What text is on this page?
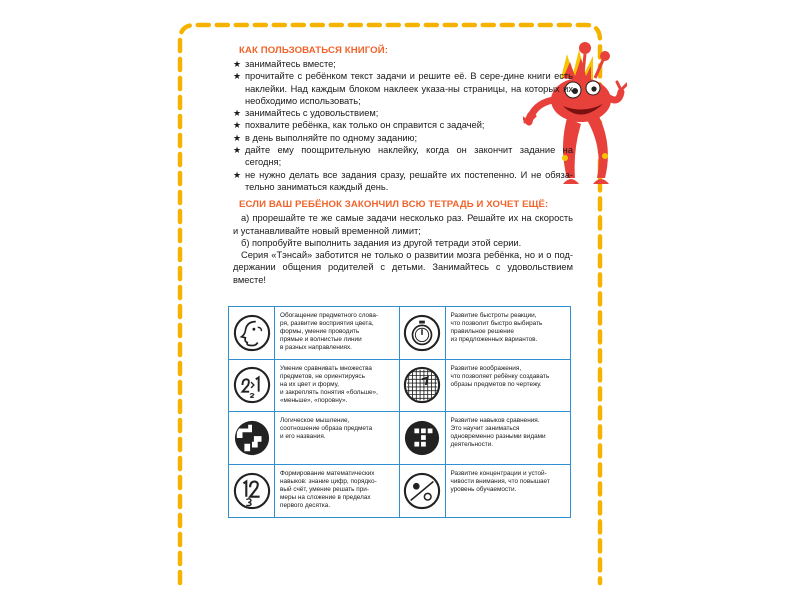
КАК ПОЛЬЗОВАТЬСЯ КНИГОЙ:
★ занимайтесь вместе;
★ прочитайте с ребёнком текст задачи и решите её. В сере-дине книги есть наклейки. Над каждым блоком наклеек указа-ны страницы, на которых их необходимо использовать;
★ занимайтесь с удовольствием;
★ похвалите ребёнка, как только он справится с задачей;
★ в день выполняйте по одному заданию;
★ дайте ему поощрительную наклейку, когда он закончит задание на сегодня;
★ не нужно делать все задания сразу, решайте их постепенно. И не обяза-тельно заниматься каждый день.
ЕСЛИ ВАШ РЕБЁНОК ЗАКОНЧИЛ ВСЮ ТЕТРАДЬ И ХОЧЕТ ЕЩЁ:

а) прорешайте те же самые задачи несколько раз. Решайте их на скорость и устанавливайте новый временной лимит;

б) попробуйте выполнить задания из другой тетради этой серии.

Серия «Тэнсай» заботится не только о развитии мозга ребёнка, но и о под-держании общения родителей с детьми. Занимайтесь с удовольствием вместе!

Обогащение предметного слова-
ря, развитие восприятия цвета,
формы, умение проводить
прямые и волнистые линии
в разных направлениях.
Развитие быстроты реакции,
что позволит быстро выбирать
правильное решение
из предложенных вариантов.
Умение сравнивать множества
предметов, не ориентируясь
на их цвет и форму,
и закреплять понятия «больше»,
«меньше», «поровну».
Развитие воображения,
что позволяет ребёнку создавать
образы предметов по чертежу.
Логическое мышление,
соотношение образа предмета
и его названия.
Развитие навыков сравнения.
Это научит заниматься
одновременно разными видами
деятельности.
Формирование математических
навыков: знание цифр, порядко-
вый счёт, умение решать при-
меры на сложение в пределах
первого десятка.
Развитие концентрации и устой-
чивости внимания, что повышает
уровень обучаемости.
